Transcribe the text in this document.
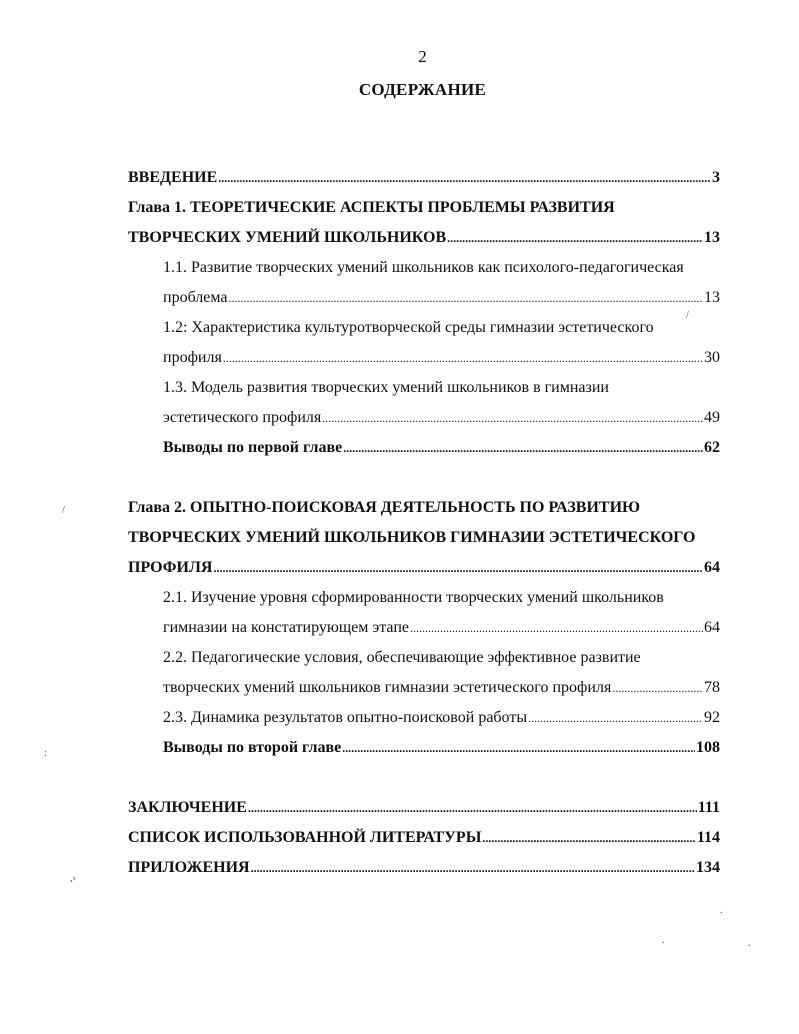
2
СОДЕРЖАНИЕ
ВВЕДЕНИЕ .....	3
Глава 1. ТЕОРЕТИЧЕСКИЕ АСПЕКТЫ ПРОБЛЕМЫ РАЗВИТИЯ
ТВОРЧЕСКИХ УМЕНИЙ ШКОЛЬНИКОВ .....	13
1.1. Развитие творческих умений школьников как психолого-педагогическая
проблема .....	13
1.2: Характеристика культуротворческой среды гимназии эстетического
профиля .....	30
1.3. Модель развития творческих умений школьников в гимназии
эстетического профиля .....	49
Выводы по первой главе .....	62
Глава 2. ОПЫТНО-ПОИСКОВАЯ ДЕЯТЕЛЬНОСТЬ ПО РАЗВИТИЮ
ТВОРЧЕСКИХ УМЕНИЙ ШКОЛЬНИКОВ ГИМНАЗИИ ЭСТЕТИЧЕСКОГО
ПРОФИЛЯ .....	64
2.1. Изучение уровня сформированности творческих умений школьников
гимназии на констатирующем этапе .....	64
2.2. Педагогические условия, обеспечивающие эффективное развитие
творческих умений школьников гимназии эстетического профиля .....	78
2.3. Динамика результатов опытно-поисковой работы .....	92
Выводы по второй главе .....	108
ЗАКЛЮЧЕНИЕ .....	111
СПИСОК ИСПОЛЬЗОВАННОЙ ЛИТЕРАТУРЫ .....	114
ПРИЛОЖЕНИЯ .....	134
/
/
,›
:
.
.	.
